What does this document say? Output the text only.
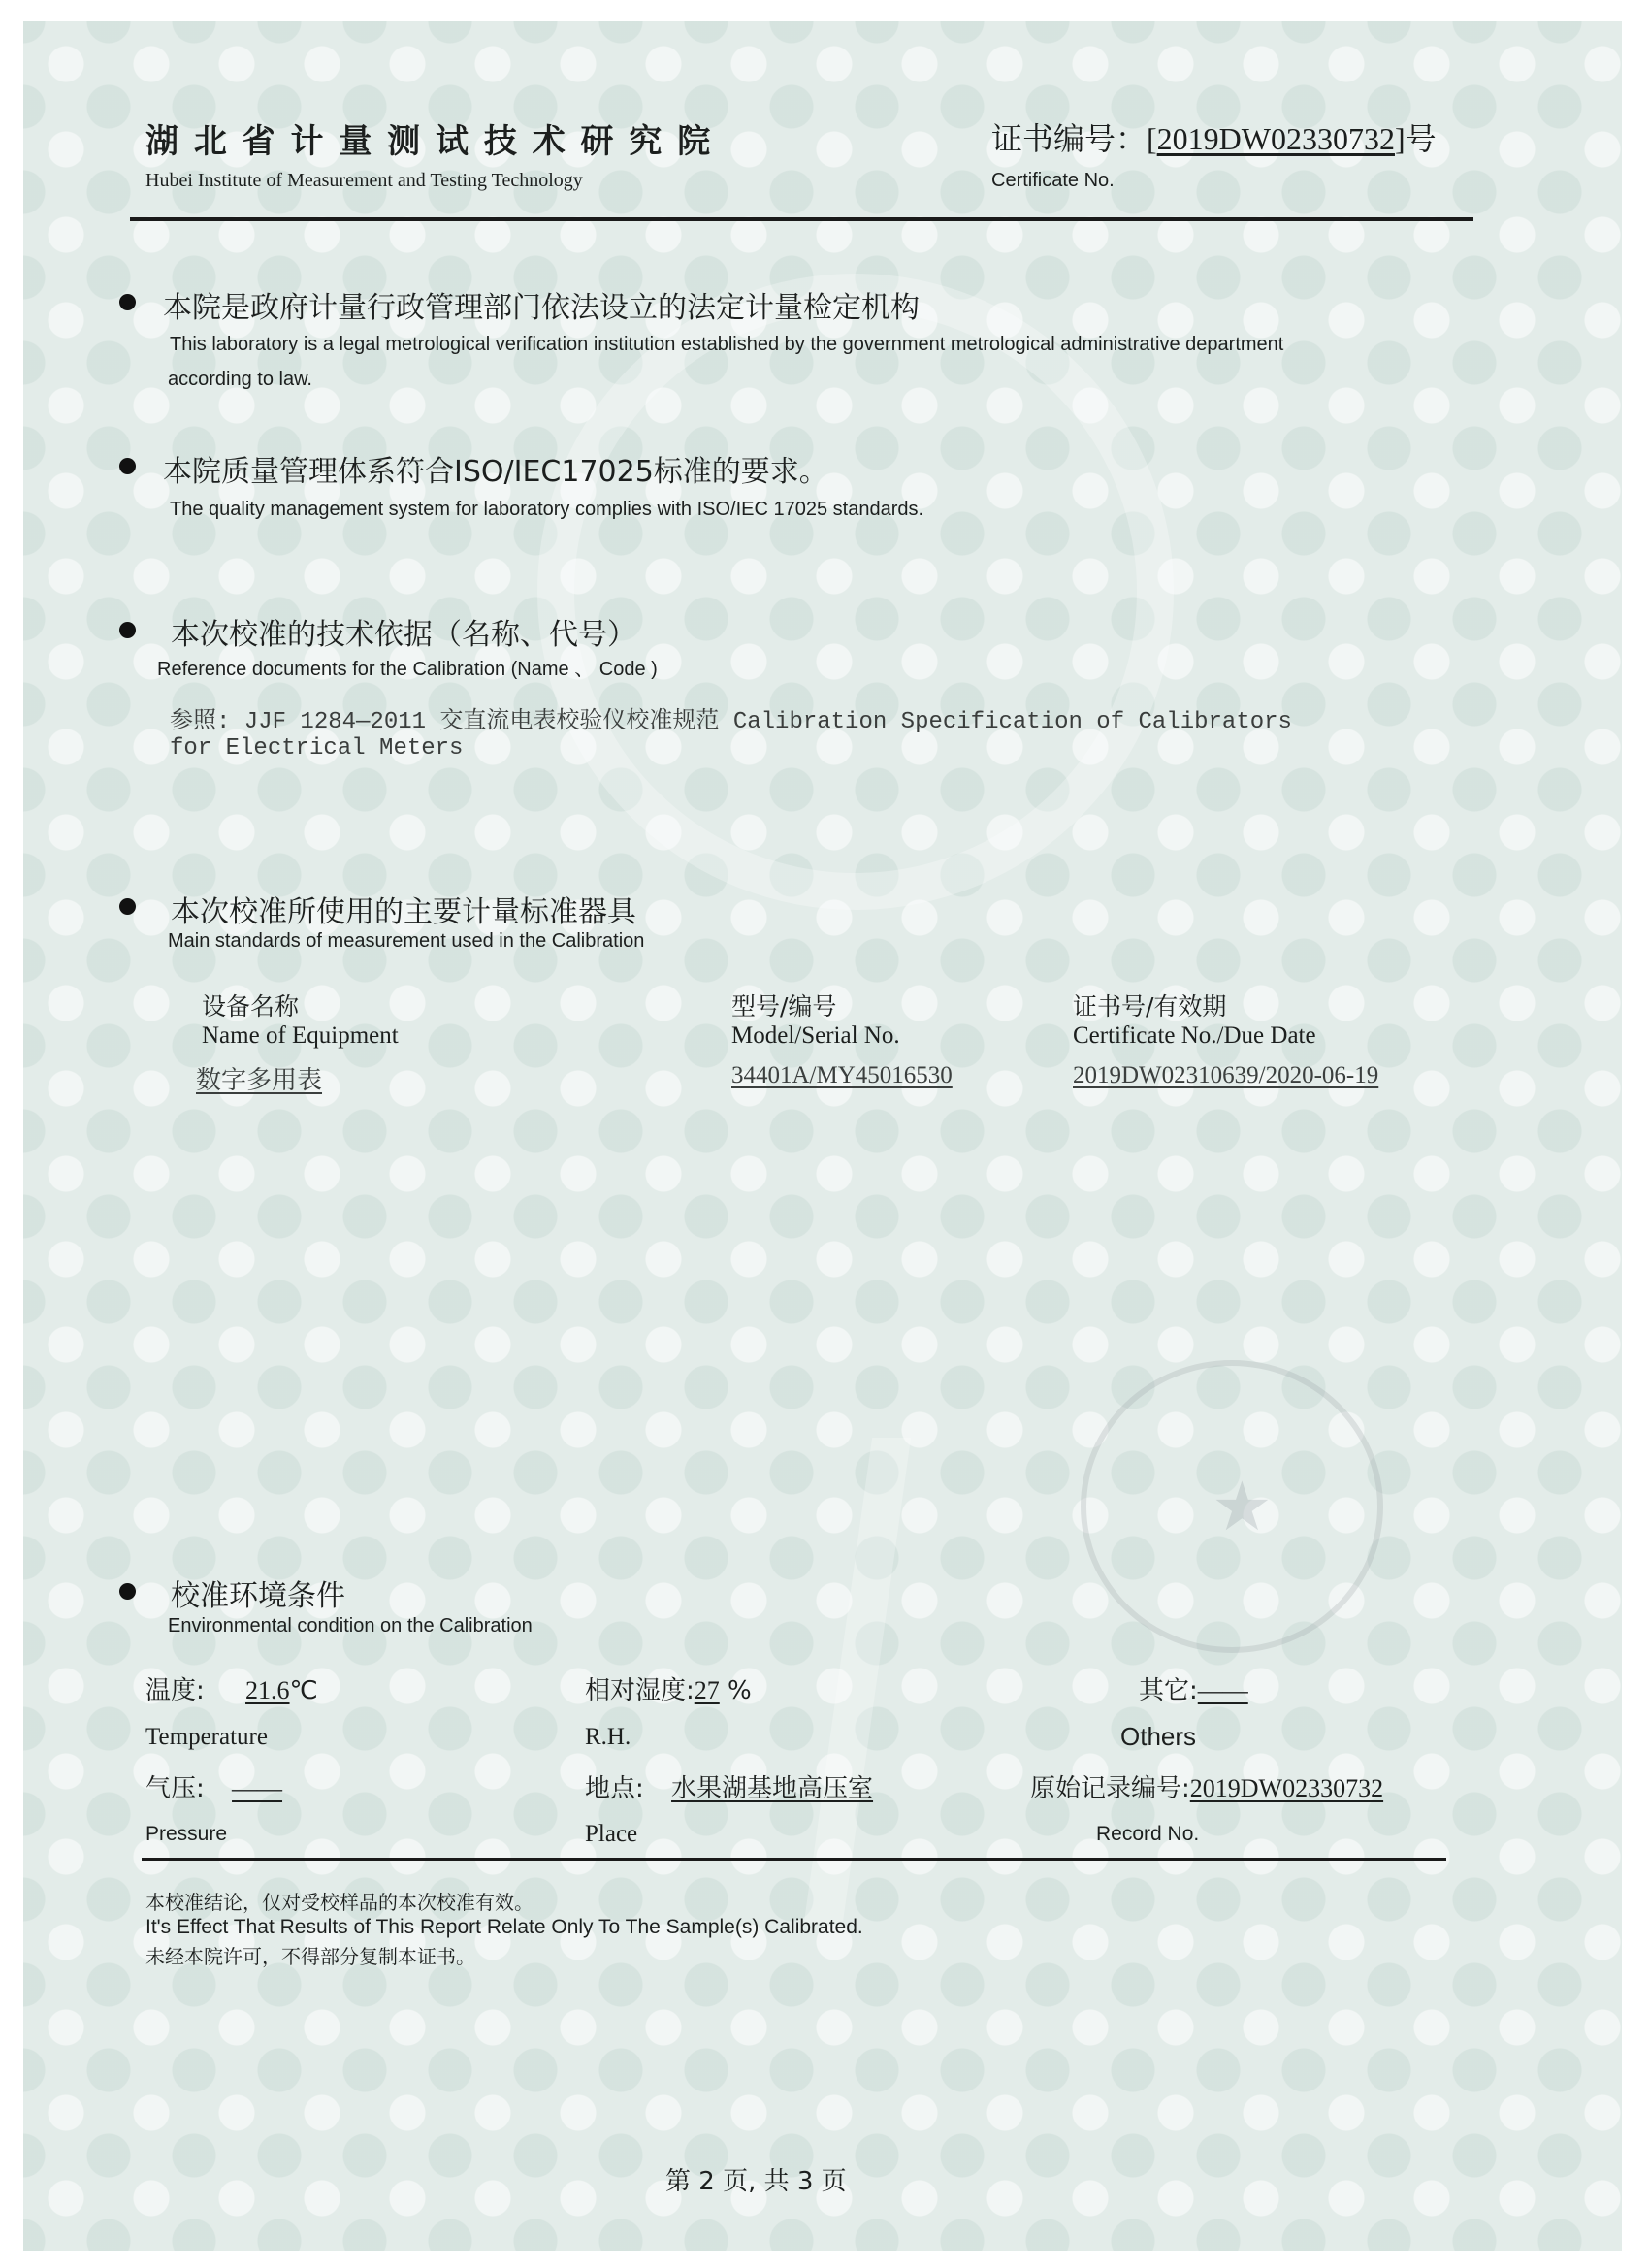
★
湖 北 省 计 量 测 试 技 术 研 究 院
Hubei Institute of Measurement and Testing Technology
证书编号：[2019DW02330732]号
Certificate No.
本院是政府计量行政管理部门依法设立的法定计量检定机构
This laboratory is a legal metrological verification institution established by the government metrological administrative department
according to law.
本院质量管理体系符合ISO/IEC17025标准的要求。
The quality management system for laboratory complies with ISO/IEC 17025 standards.
本次校准的技术依据（名称、代号）
Reference documents for the Calibration (Name 、 Code )
参照: JJF 1284—2011 交直流电表校验仪校准规范 Calibration Specification of Calibrators
for Electrical Meters
本次校准所使用的主要计量标准器具
Main standards of measurement used in the Calibration
设备名称	型号/编号	证书号/有效期
Name of Equipment	Model/Serial No.	Certificate No./Due Date
数字多用表	34401A/MY45016530	2019DW02310639/2020-06-19
校准环境条件
Environmental condition on the Calibration
温度: 21.6℃	相对湿度:27 %	其它:——
Temperature	R.H.	Others
气压: ——	地点: 水果湖基地高压室	原始记录编号:2019DW02330732
Pressure	Place	Record No.
本校准结论，仅对受校样品的本次校准有效。
It's Effect That Results of This Report Relate Only To The Sample(s) Calibrated.
未经本院许可，不得部分复制本证书。
第 2 页, 共 3 页
